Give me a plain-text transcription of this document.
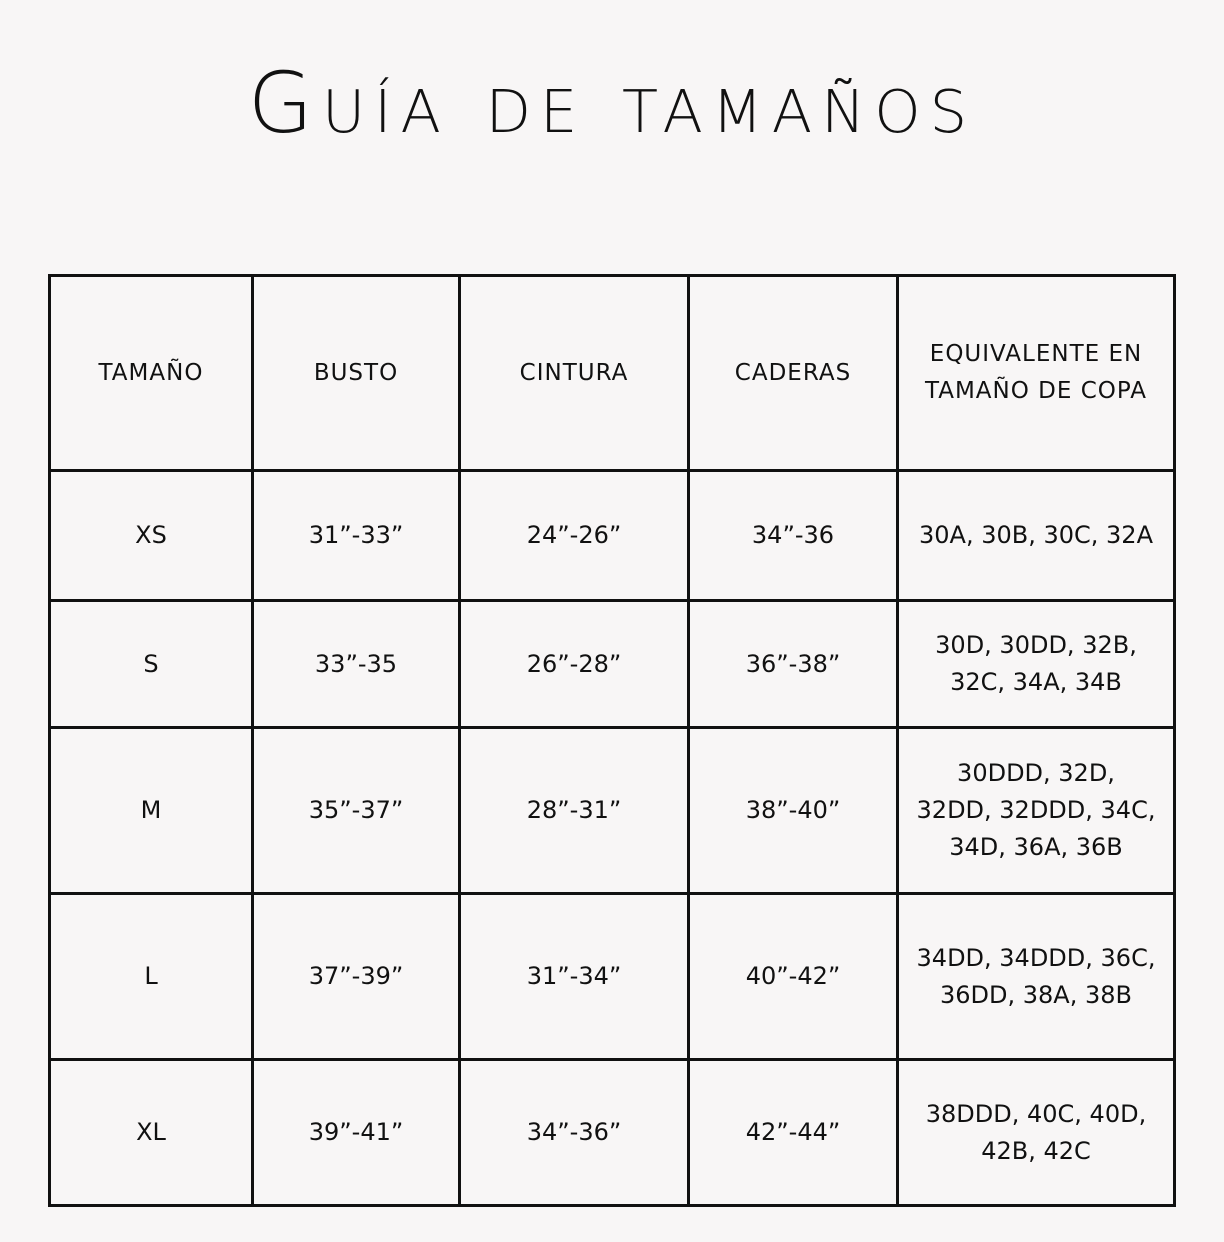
Guía de tamaños
TAMAÑO	BUSTO	CINTURA	CADERAS	EQUIVALENTE EN
TAMAÑO DE COPA
XS	31”-33”	24”-26”	34”-36	30A, 30B, 30C, 32A
S	33”-35	26”-28”	36”-38”	30D, 30DD, 32B,
32C, 34A, 34B
M	35”-37”	28”-31”	38”-40”	30DDD, 32D,
32DD, 32DDD, 34C,
34D, 36A, 36B
L	37”-39”	31”-34”	40”-42”	34DD, 34DDD, 36C,
36DD, 38A, 38B
XL	39”-41”	34”-36”	42”-44”	38DDD, 40C, 40D,
42B, 42C
